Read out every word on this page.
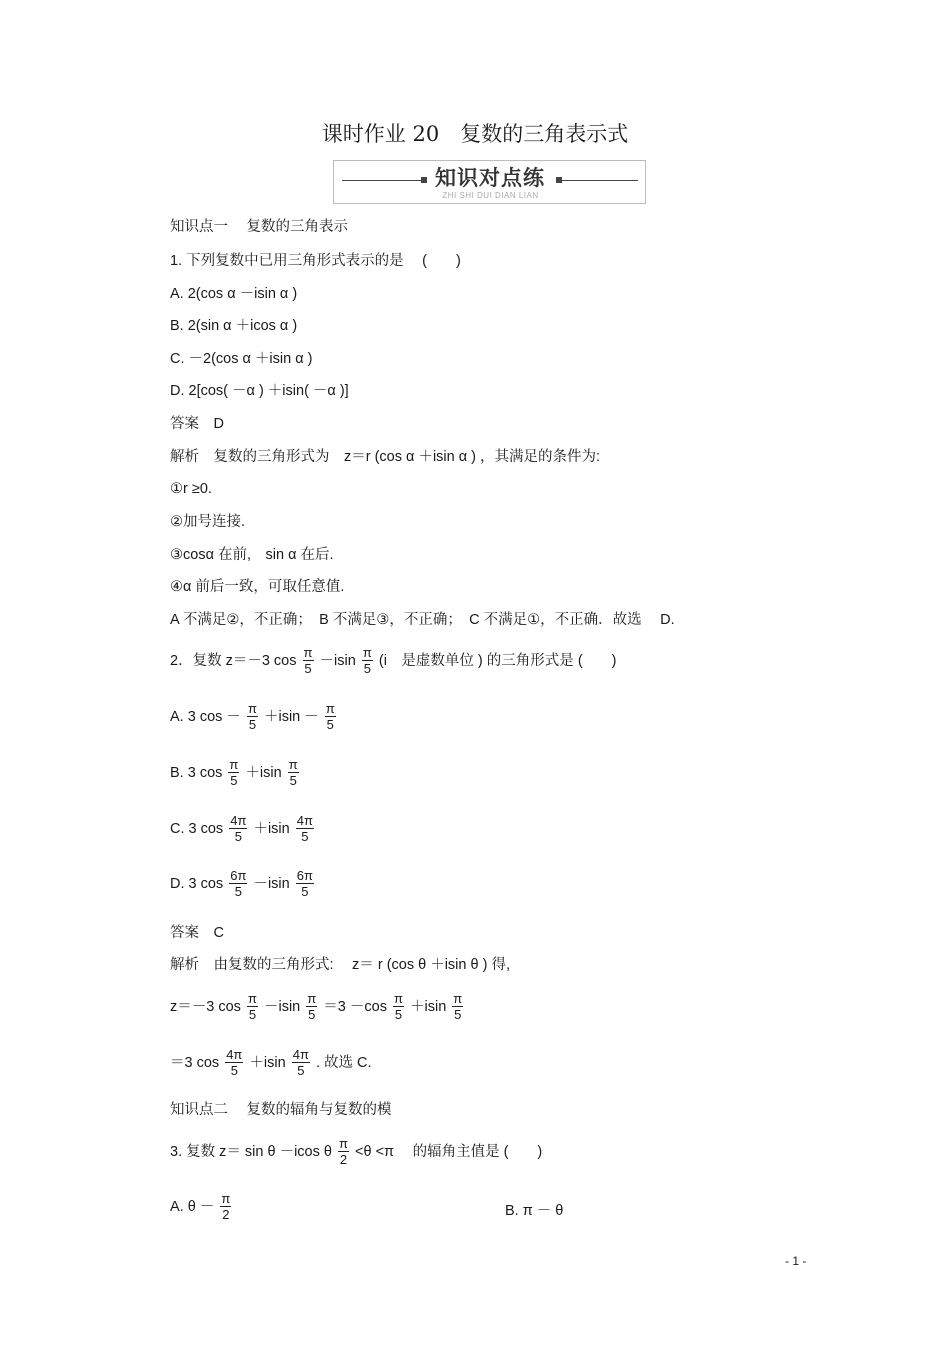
课时作业 20　复数的三角表示式
知识对点练
ZHI SHI DUI DIAN LIAN
知识点一　 复数的三角表示
1. 下列复数中已用三角形式表示的是　 (　　)
A. 2(cos α －isin α )
B. 2(sin α ＋icos α )
C. －2(cos α ＋isin α )
D. 2[cos( －α ) ＋isin( －α )]
答案　D
解析　复数的三角形式为　z＝r (cos α ＋isin α ) ，其满足的条件为:
①r ≥0.
②加号连接.
③cosα 在前,　sin α 在后.
④α 前后一致，可取任意值.
A 不满足②，不正确；　B 不满足③，不正确；　C 不满足①，不正确．故选　 D.
2．复数 z＝－3 $\cos \frac{\pi}{5} -isin \frac{\pi}{5} (i$　是虚数单位 ) 的三角形式是 (　　)
A. 3 $\cos - \frac{\pi}{5} +isin - \frac{\pi}{5}$
B. 3 $\cos \frac{\pi}{5} +isin \frac{\pi}{5}$
C. 3 $\cos \frac{4\pi}{5} +isin \frac{4\pi}{5}$
D. 3 $\cos \frac{6\pi}{5} -isin \frac{6\pi}{5}$
答案　C
解析　由复数的三角形式:　 z＝ r (cos θ ＋isin θ ) 得,
z＝－3 $\cos \frac{\pi}{5} -isin \frac{\pi}{5} =3 -\cos \frac{\pi}{5} +isin \frac{\pi}{5}$
＝3 $\cos \frac{4\pi}{5} +isin \frac{4\pi}{5}$ . 故选 C.
知识点二　 复数的辐角与复数的模
3. 复数 z＝ sin θ －icos θ $\frac{\pi}{2} <\theta <\pi$　 的辐角主值是 (　　)
A. $\theta - \frac{\pi}{2}$	B. π － θ
- 1 -
